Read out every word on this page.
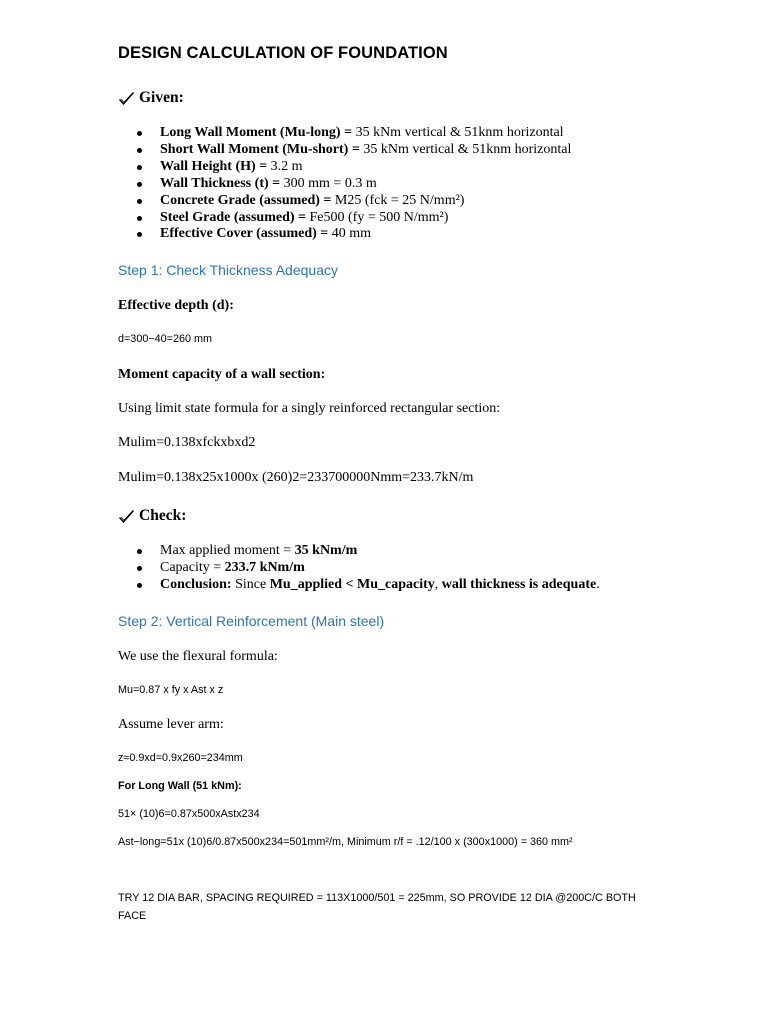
DESIGN CALCULATION OF FOUNDATION
Given:
Long Wall Moment (Mu-long) = 35 kNm vertical & 51knm horizontal
Short Wall Moment (Mu-short) = 35 kNm vertical & 51knm horizontal
Wall Height (H) = 3.2 m
Wall Thickness (t) = 300 mm = 0.3 m
Concrete Grade (assumed) = M25 (fck = 25 N/mm²)
Steel Grade (assumed) = Fe500 (fy = 500 N/mm²)
Effective Cover (assumed) = 40 mm
Step 1: Check Thickness Adequacy
Effective depth (d):
d=300−40=260 mm
Moment capacity of a wall section:
Using limit state formula for a singly reinforced rectangular section:
Mulim=0.138xfckxbxd2
Mulim=0.138x25x1000x (260)2=233700000Nmm=233.7kN/m
Check:
Max applied moment = 35 kNm/m
Capacity = 233.7 kNm/m
Conclusion: Since Mu_applied < Mu_capacity, wall thickness is adequate.
Step 2: Vertical Reinforcement (Main steel)
We use the flexural formula:
Mu=0.87 x fy x Ast x z
Assume lever arm:
z≈0.9xd=0.9x260=234mm
For Long Wall (51 kNm):
51× (10)6=0.87x500xAstx234
Ast−long=51x (10)6/0.87x500x234=501mm²/m, Minimum r/f = .12/100 x (300x1000) = 360 mm²
TRY 12 DIA BAR, SPACING REQUIRED = 113X1000/501 = 225mm, SO PROVIDE 12 DIA @200C/C BOTH FACE
